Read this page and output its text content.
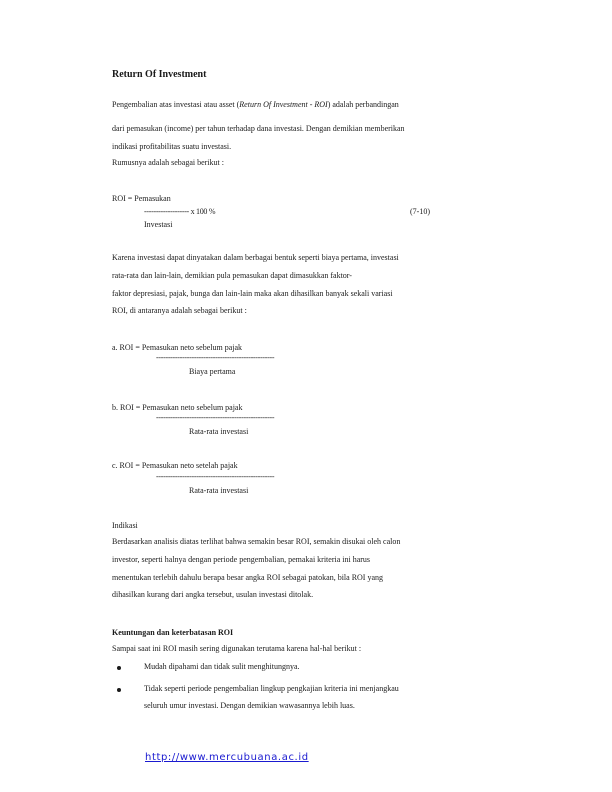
Return Of Investment
Pengembalian atas investasi atau asset (Return Of Investment - ROI) adalah perbandingan
dari pemasukan (income) per tahun terhadap dana investasi. Dengan demikian memberikan
indikasi profitabilitas suatu investasi.
Rumusnya adalah sebagai berikut :
ROI = Pemasukan
------------------- x 100 %	(7-10)
Investasi
Karena investasi dapat dinyatakan dalam berbagai bentuk seperti biaya pertama, investasi
rata-rata dan lain-lain, demikian pula pemasukan dapat dimasukkan faktor-
faktor depresiasi, pajak, bunga dan lain-lain maka akan dihasilkan banyak sekali variasi
ROI, di antaranya adalah sebagai berikut :
a. ROI = Pemasukan neto sebelum pajak
--------------------------------------------------
Biaya pertama
b. ROI = Pemasukan neto sebelum pajak
--------------------------------------------------
Rata-rata investasi
c. ROI = Pemasukan neto setelah pajak
--------------------------------------------------
Rata-rata investasi
Indikasi
Berdasarkan analisis diatas terlihat bahwa semakin besar ROI, semakin disukai oleh calon
investor, seperti halnya dengan periode pengembalian, pemakai kriteria ini harus
menentukan terlebih dahulu berapa besar angka ROI sebagai patokan, bila ROI yang
dihasilkan kurang dari angka tersebut, usulan investasi ditolak.
Keuntungan dan keterbatasan ROI
Sampai saat ini ROI masih sering digunakan terutama karena hal-hal berikut :
Mudah dipahami dan tidak sulit menghitungnya.
Tidak seperti periode pengembalian lingkup pengkajian kriteria ini menjangkau
seluruh umur investasi. Dengan demikian wawasannya lebih luas.
http://www.mercubuana.ac.id
